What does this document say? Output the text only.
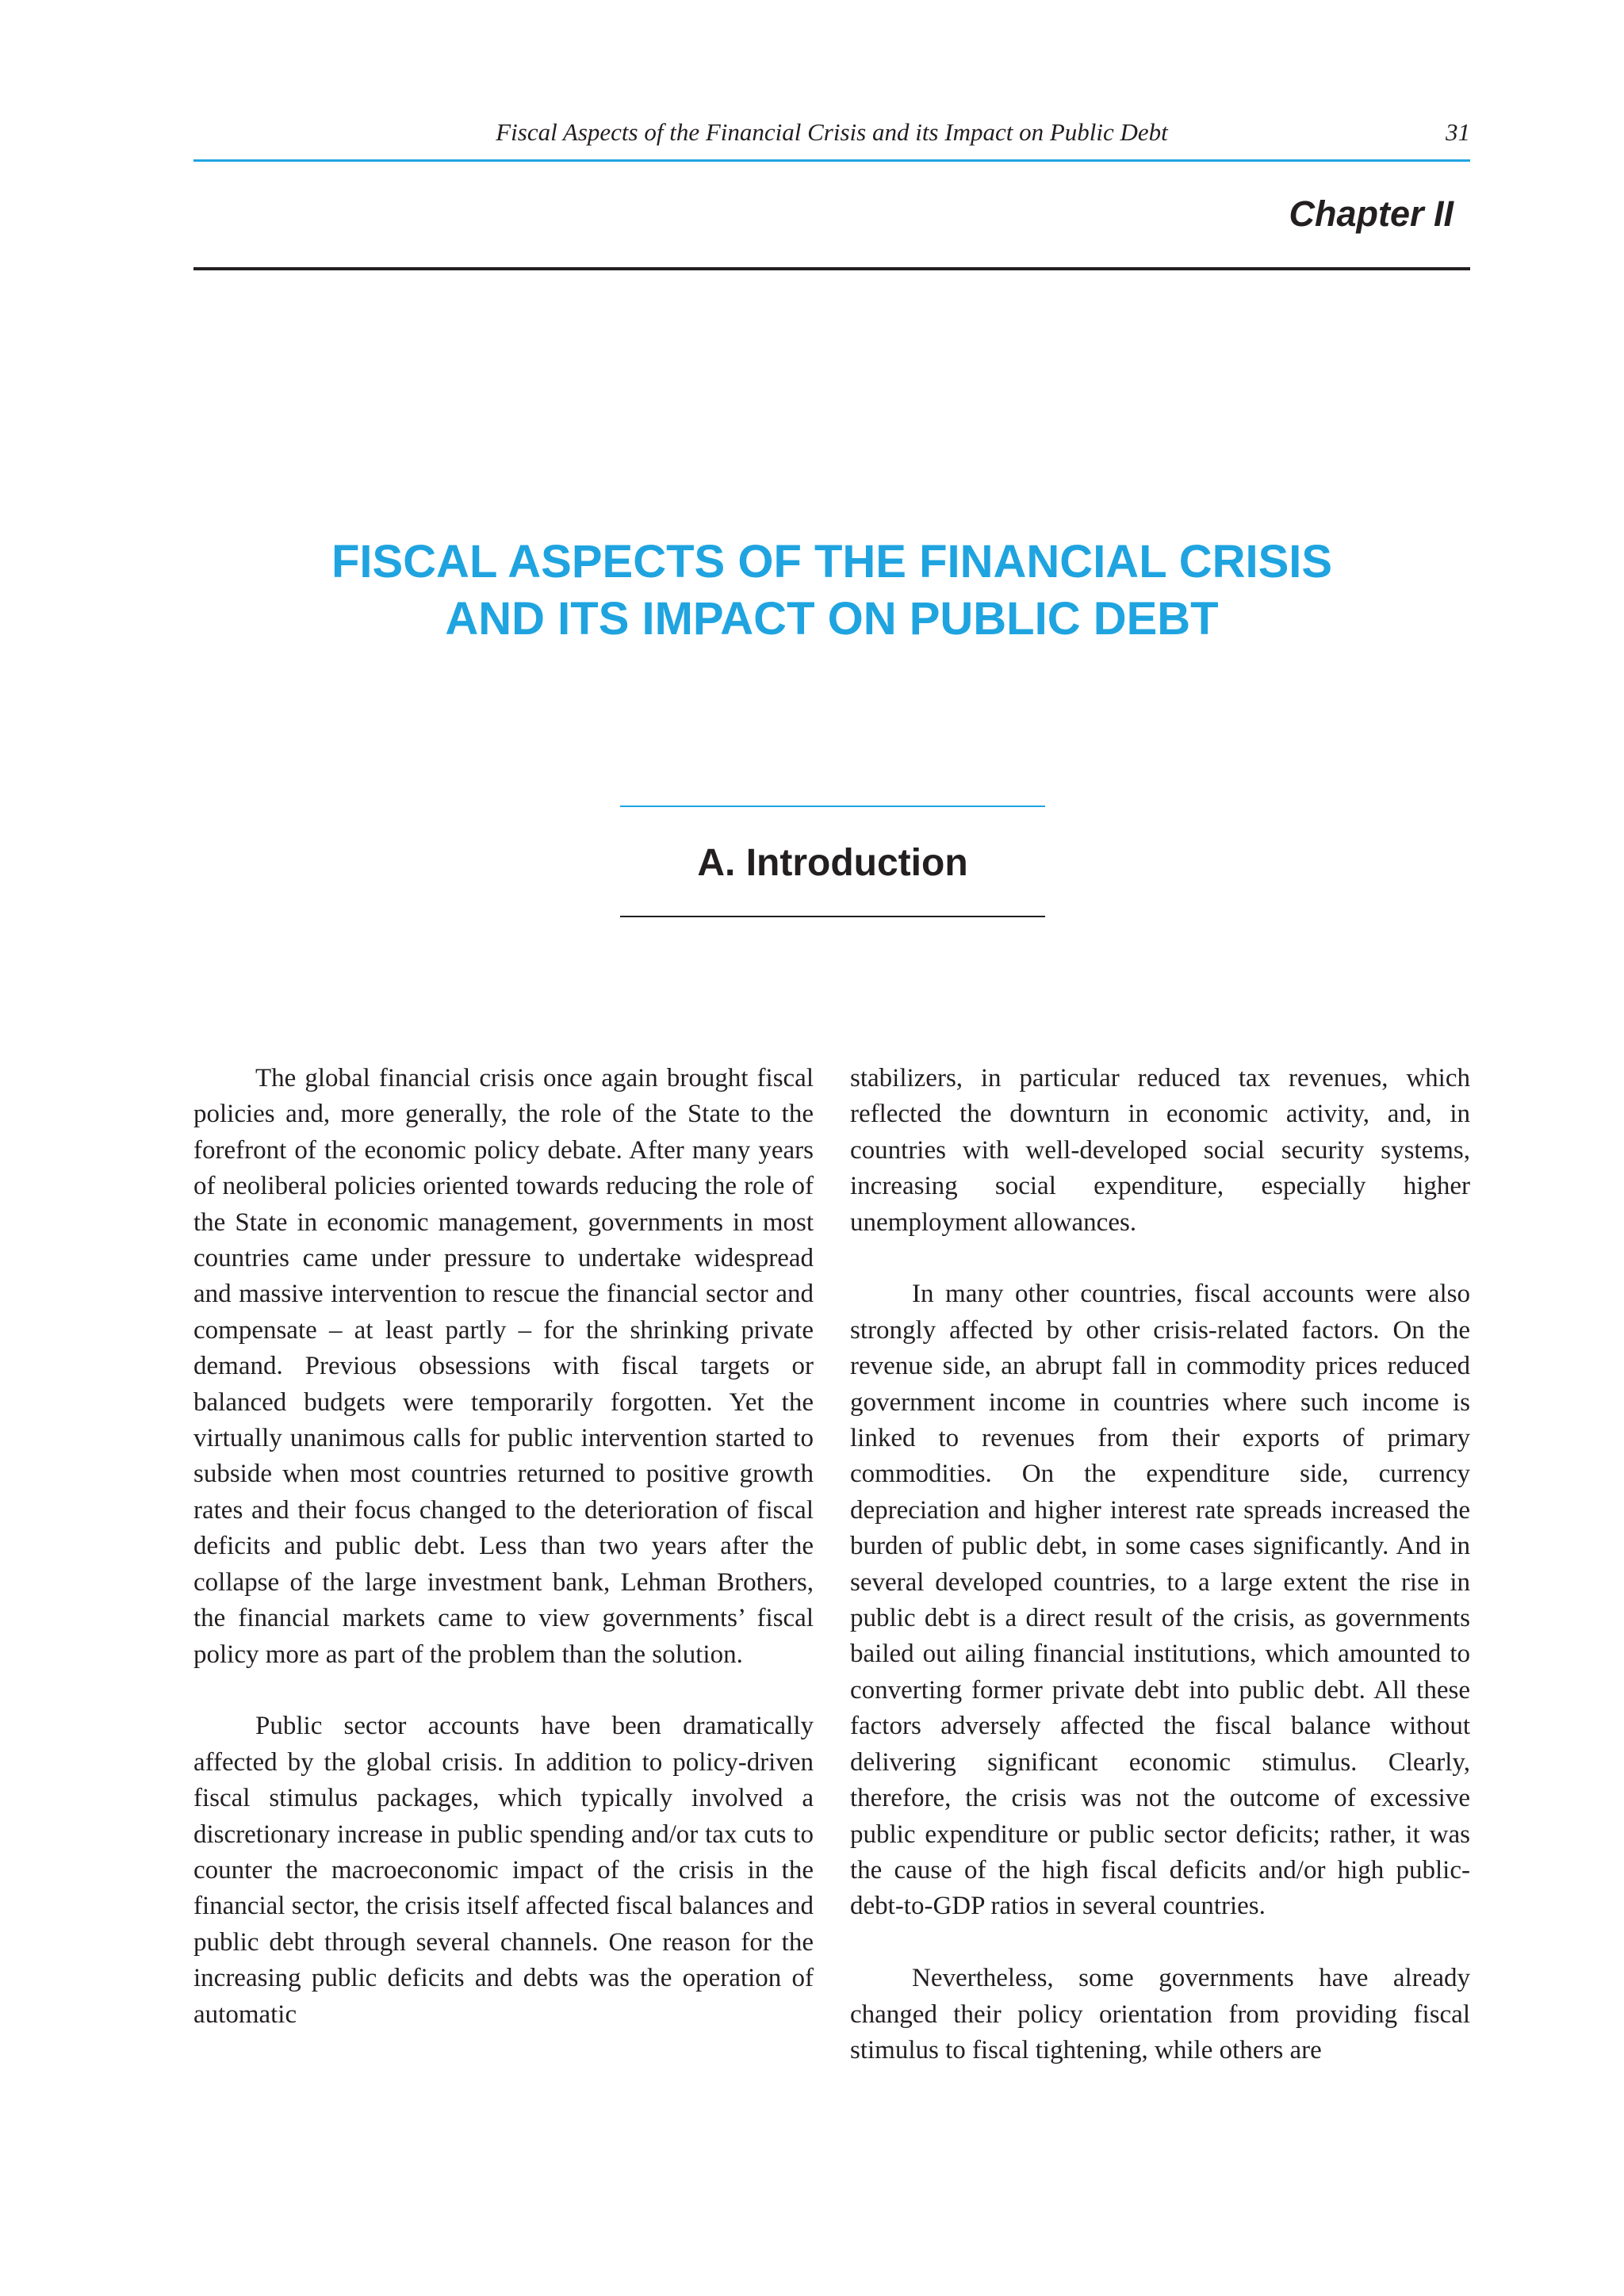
Fiscal Aspects of the Financial Crisis and its Impact on Public Debt	31
Chapter II
FISCAL ASPECTS OF THE FINANCIAL CRISIS
AND ITS IMPACT ON PUBLIC DEBT
A. Introduction

The global financial crisis once again brought fiscal policies and, more generally, the role of the State to the forefront of the economic policy debate. After many years of neoliberal policies oriented towards reducing the role of the State in economic management, governments in most countries came under pressure to undertake widespread and massive intervention to rescue the financial sector and compensate – at least partly – for the shrinking private demand. Previous obsessions with fiscal targets or balanced budgets were temporarily forgotten. Yet the virtually unanimous calls for public intervention started to subside when most countries returned to positive growth rates and their focus changed to the deterioration of fiscal deficits and public debt. Less than two years after the collapse of the large investment bank, Lehman Brothers, the financial markets came to view governments’ fiscal policy more as part of the problem than the solution.

Public sector accounts have been dramatically affected by the global crisis. In addition to policy-driven fiscal stimulus packages, which typically involved a discretionary increase in public spending and/or tax cuts to counter the macroeconomic impact of the crisis in the financial sector, the crisis itself affected fiscal balances and public debt through several channels. One reason for the increasing public deficits and debts was the operation of automatic

stabilizers, in particular reduced tax revenues, which reflected the downturn in economic activity, and, in countries with well-developed social security systems, increasing social expenditure, especially higher unemployment allowances.

In many other countries, fiscal accounts were also strongly affected by other crisis-related factors. On the revenue side, an abrupt fall in commodity prices reduced government income in countries where such income is linked to revenues from their exports of primary commodities. On the expenditure side, currency depreciation and higher interest rate spreads increased the burden of public debt, in some cases significantly. And in several developed countries, to a large extent the rise in public debt is a direct result of the crisis, as governments bailed out ailing financial institutions, which amounted to converting former private debt into public debt. All these factors adversely affected the fiscal balance without delivering significant economic stimulus. Clearly, therefore, the crisis was not the outcome of excessive public expenditure or public sector deficits; rather, it was the cause of the high fiscal deficits and/or high public-debt-to-GDP ratios in several countries.

Nevertheless, some governments have already changed their policy orientation from providing fiscal stimulus to fiscal tightening, while others are
